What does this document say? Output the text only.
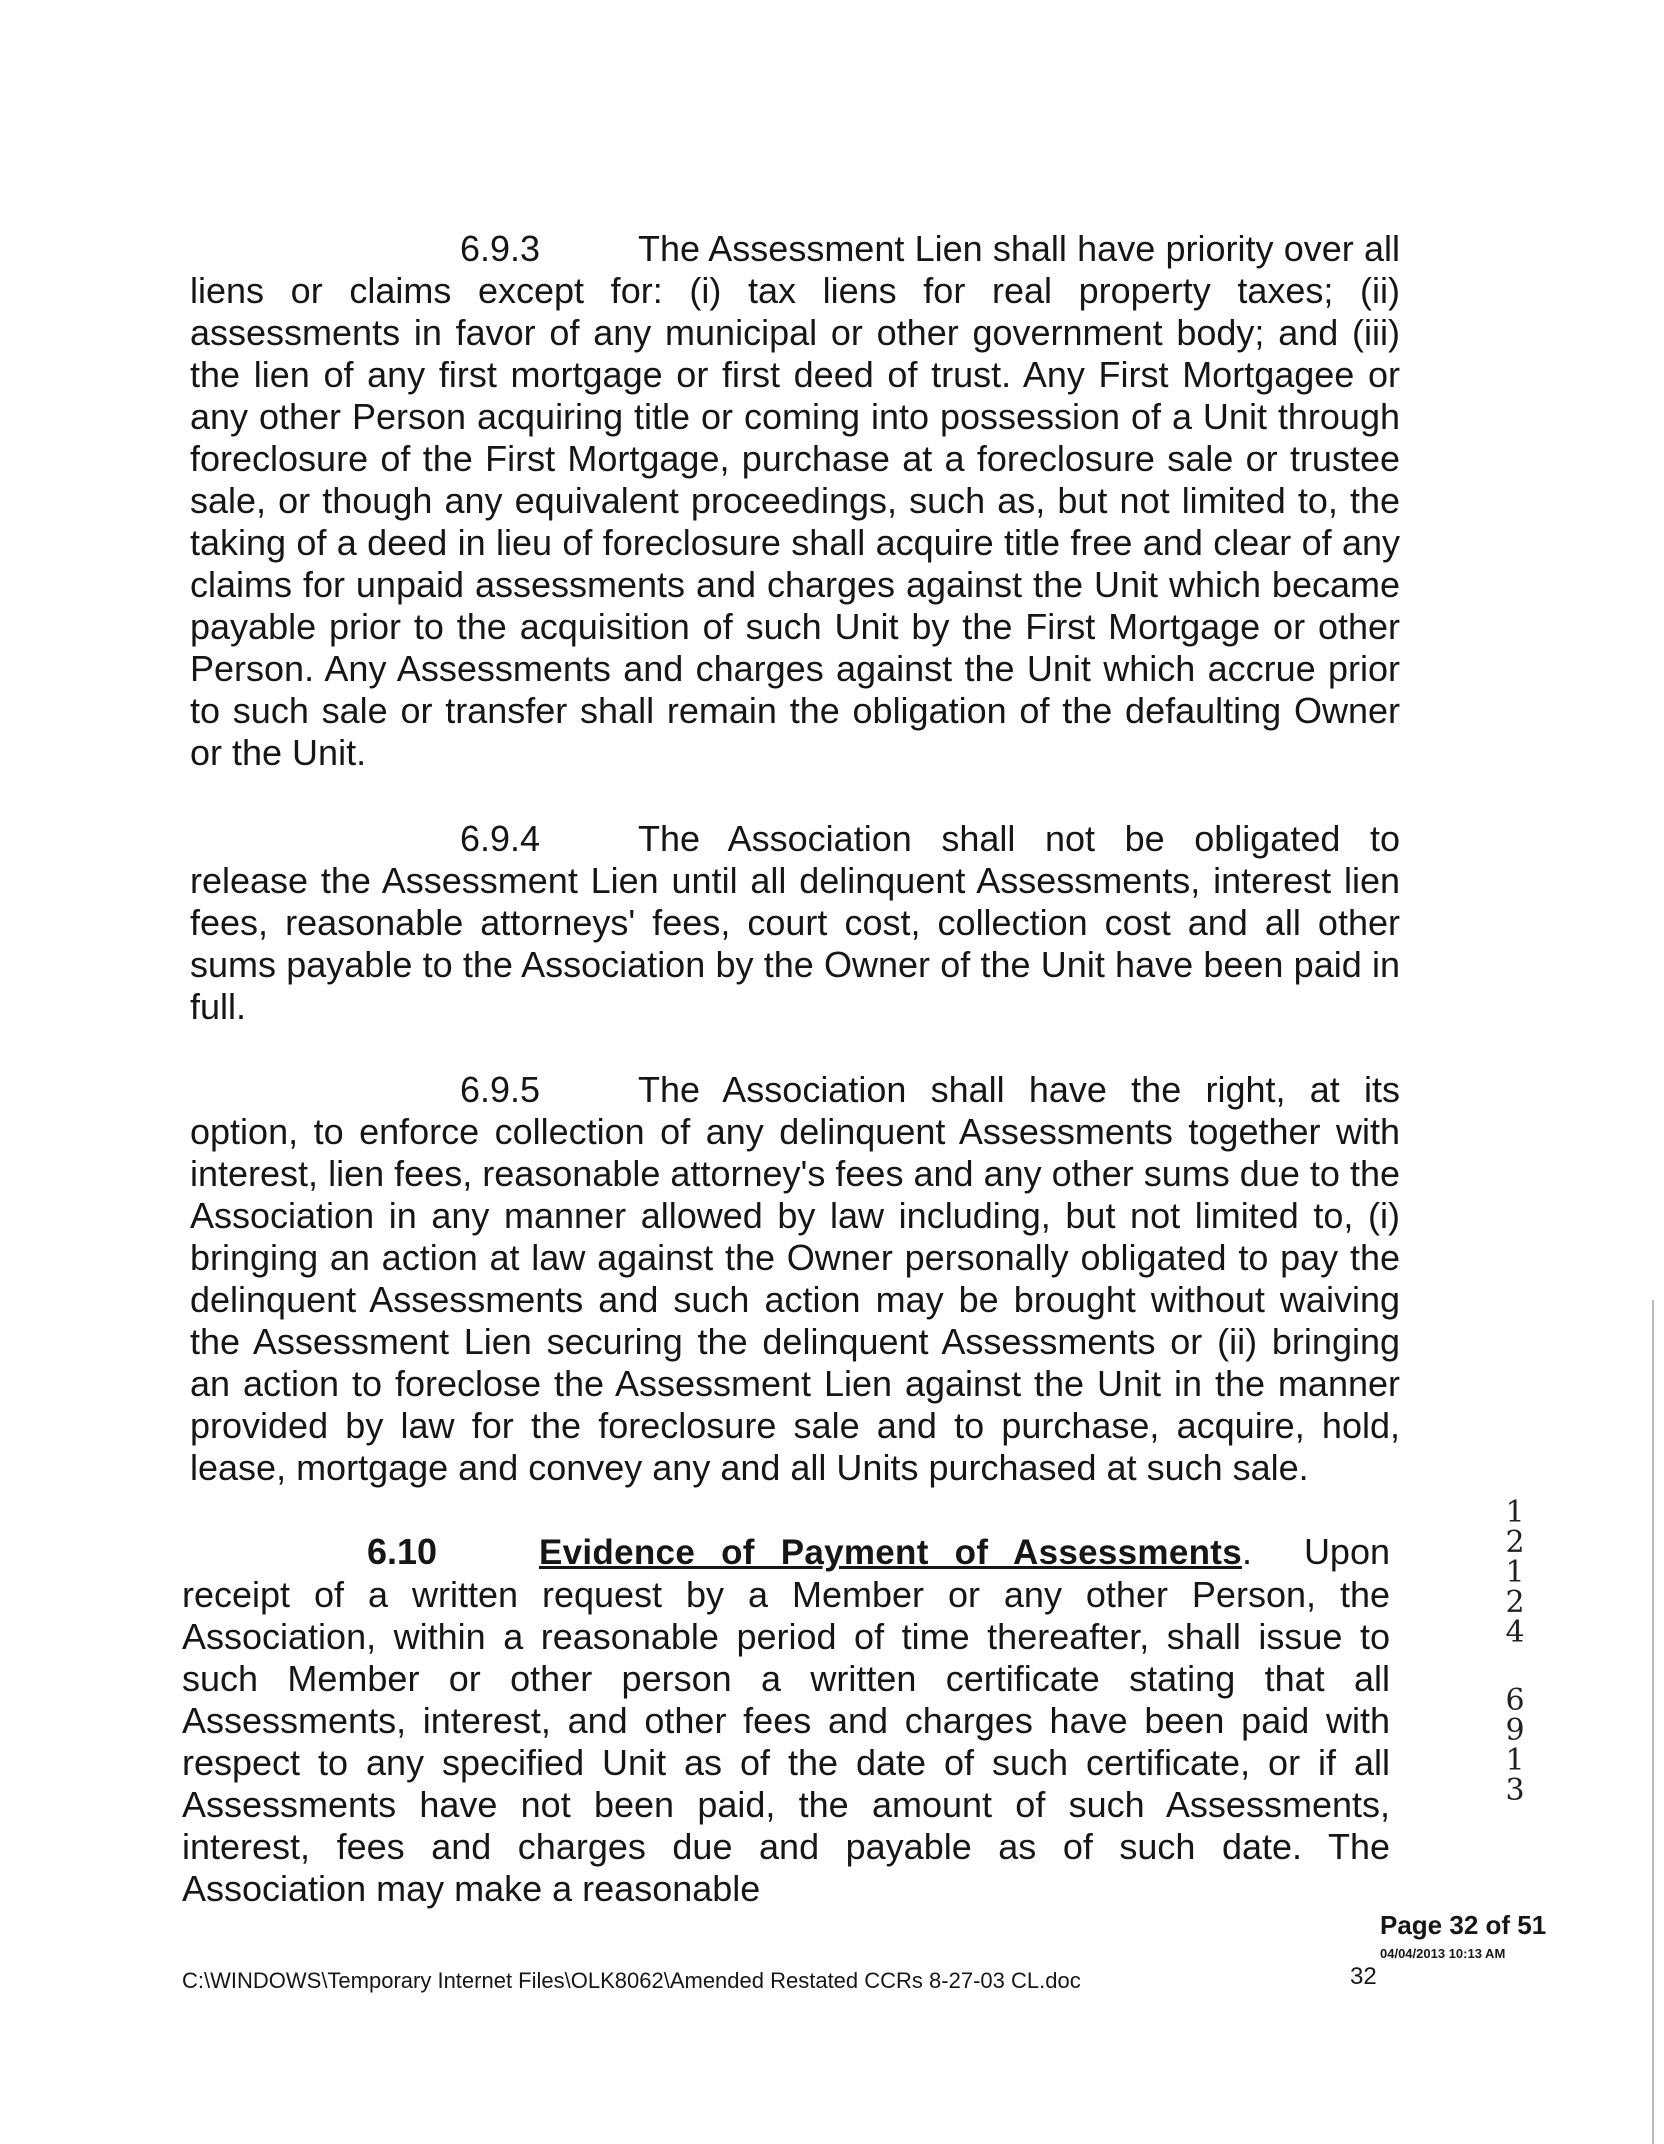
6.9.3	The Assessment Lien shall have priority over all liens or claims except for: (i) tax liens for real property taxes; (ii) assessments in favor of any municipal or other government body; and (iii) the lien of any first mortgage or first deed of trust. Any First Mortgagee or any other Person acquiring title or coming into possession of a Unit through foreclosure of the First Mortgage, purchase at a foreclosure sale or trustee sale, or though any equivalent proceedings, such as, but not limited to, the taking of a deed in lieu of foreclosure shall acquire title free and clear of any claims for unpaid assessments and charges against the Unit which became payable prior to the acquisition of such Unit by the First Mortgage or other Person. Any Assessments and charges against the Unit which accrue prior to such sale or transfer shall remain the obligation of the defaulting Owner or the Unit.
6.9.4	The Association shall not be obligated to release the Assessment Lien until all delinquent Assessments, interest lien fees, reasonable attorneys' fees, court cost, collection cost and all other sums payable to the Association by the Owner of the Unit have been paid in full.
6.9.5	The Association shall have the right, at its option, to enforce collection of any delinquent Assessments together with interest, lien fees, reasonable attorney's fees and any other sums due to the Association in any manner allowed by law including, but not limited to, (i) bringing an action at law against the Owner personally obligated to pay the delinquent Assessments and such action may be brought without waiving the Assessment Lien securing the delinquent Assessments or (ii) bringing an action to foreclose the Assessment Lien against the Unit in the manner provided by law for the foreclosure sale and to purchase, acquire, hold, lease, mortgage and convey any and all Units purchased at such sale.
6.10	Evidence of Payment of Assessments.  Upon receipt of a written request by a Member or any other Person, the Association, within a reasonable period of time thereafter, shall issue to such Member or other person a written certificate stating that all Assessments, interest, and other fees and charges have been paid with respect to any specified Unit as of the date of such certificate, or if all Assessments have not been paid, the amount of such Assessments, interest, fees and charges due and payable as of such date. The Association may make a reasonable
1
2
1
2
4
6
9
1
3
Page 32 of 51
04/04/2013 10:13 AM
C:\WINDOWS\Temporary Internet Files\OLK8062\Amended Restated CCRs 8-27-03 CL.doc	32
